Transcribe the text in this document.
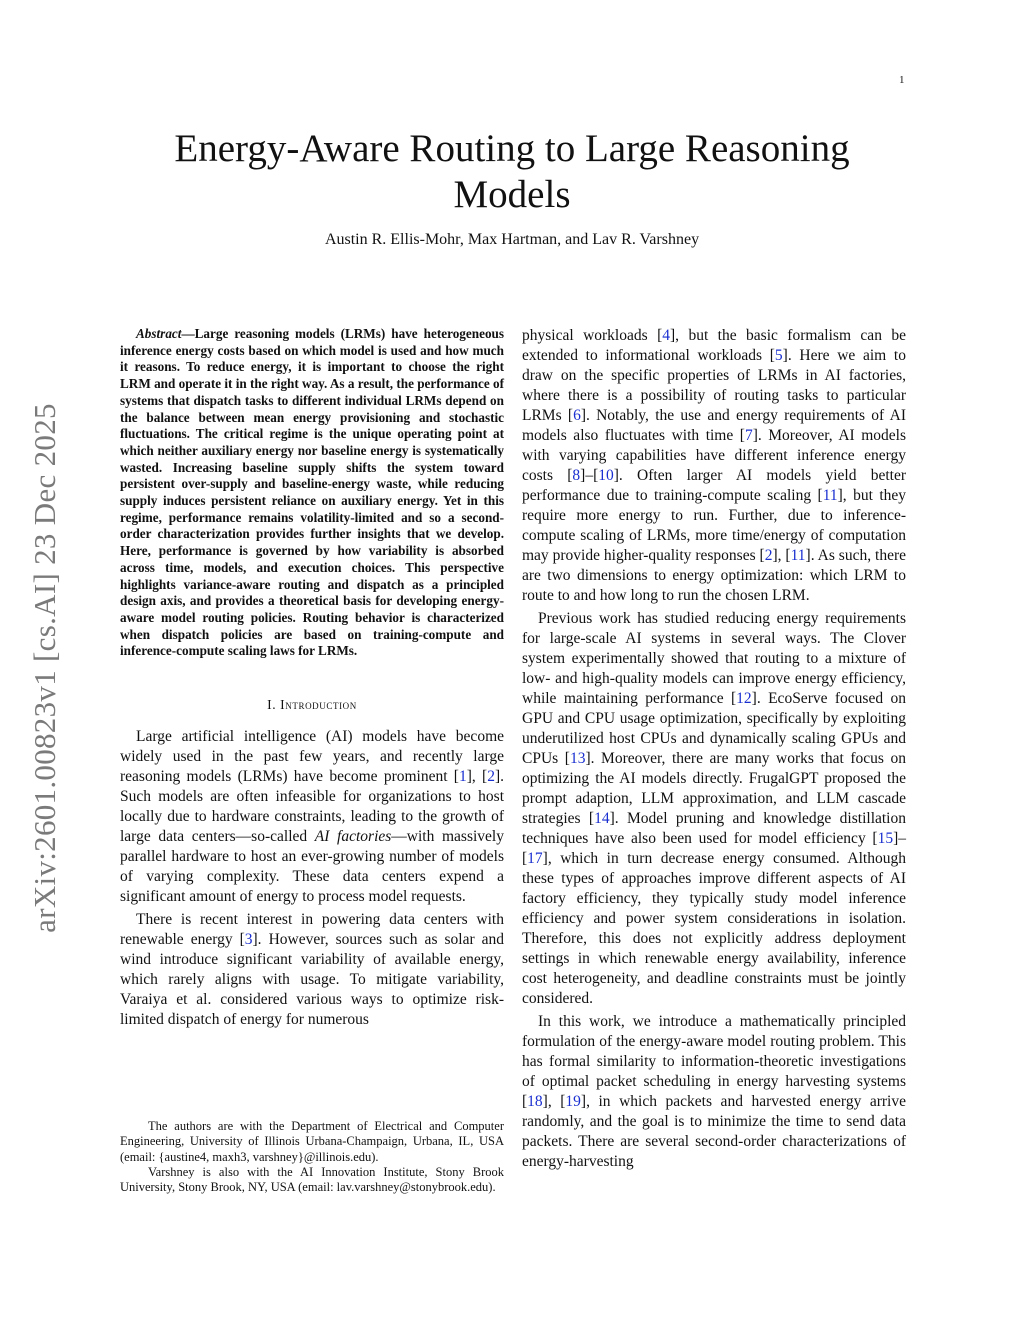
1
arXiv:2601.00823v1 [cs.AI] 23 Dec 2025
Energy-Aware Routing to Large Reasoning Models
Austin R. Ellis-Mohr, Max Hartman, and Lav R. Varshney
Abstract—Large reasoning models (LRMs) have heterogeneous inference energy costs based on which model is used and how much it reasons. To reduce energy, it is important to choose the right LRM and operate it in the right way. As a result, the performance of systems that dispatch tasks to different individual LRMs depend on the balance between mean energy provisioning and stochastic fluctuations. The critical regime is the unique operating point at which neither auxiliary energy nor baseline energy is systematically wasted. Increasing baseline supply shifts the system toward persistent over-supply and baseline-energy waste, while reducing supply induces persistent reliance on auxiliary energy. Yet in this regime, performance remains volatility-limited and so a second-order characterization provides further insights that we develop. Here, performance is governed by how variability is absorbed across time, models, and execution choices. This perspective highlights variance-aware routing and dispatch as a principled design axis, and provides a theoretical basis for developing energy-aware model routing policies. Routing behavior is characterized when dispatch policies are based on training-compute and inference-compute scaling laws for LRMs.
I. Introduction

Large artificial intelligence (AI) models have become widely used in the past few years, and recently large reasoning models (LRMs) have become prominent [1], [2]. Such models are often infeasible for organizations to host locally due to hardware constraints, leading to the growth of large data centers—so-called AI factories—with massively parallel hardware to host an ever-growing number of models of varying complexity. These data centers expend a significant amount of energy to process model requests.

There is recent interest in powering data centers with renewable energy [3]. However, sources such as solar and wind introduce significant variability of available energy, which rarely aligns with usage. To mitigate variability, Varaiya et al. considered various ways to optimize risk-limited dispatch of energy for numerous

physical workloads [4], but the basic formalism can be extended to informational workloads [5]. Here we aim to draw on the specific properties of LRMs in AI factories, where there is a possibility of routing tasks to particular LRMs [6]. Notably, the use and energy requirements of AI models also fluctuates with time [7]. Moreover, AI models with varying capabilities have different inference energy costs [8]–[10]. Often larger AI models yield better performance due to training-compute scaling [11], but they require more energy to run. Further, due to inference-compute scaling of LRMs, more time/energy of computation may provide higher-quality responses [2], [11]. As such, there are two dimensions to energy optimization: which LRM to route to and how long to run the chosen LRM.

Previous work has studied reducing energy requirements for large-scale AI systems in several ways. The Clover system experimentally showed that routing to a mixture of low- and high-quality models can improve energy efficiency, while maintaining performance [12]. EcoServe focused on GPU and CPU usage optimization, specifically by exploiting underutilized host CPUs and dynamically scaling GPUs and CPUs [13]. Moreover, there are many works that focus on optimizing the AI models directly. FrugalGPT proposed the prompt adaption, LLM approximation, and LLM cascade strategies [14]. Model pruning and knowledge distillation techniques have also been used for model efficiency [15]–[17], which in turn decrease energy consumed. Although these types of approaches improve different aspects of AI factory efficiency, they typically study model inference efficiency and power system considerations in isolation. Therefore, this does not explicitly address deployment settings in which renewable energy availability, inference cost heterogeneity, and deadline constraints must be jointly considered.

In this work, we introduce a mathematically principled formulation of the energy-aware model routing problem. This has formal similarity to information-theoretic investigations of optimal packet scheduling in energy harvesting systems [18], [19], in which packets and harvested energy arrive randomly, and the goal is to minimize the time to send data packets. There are several second-order characterizations of energy-harvesting

The authors are with the Department of Electrical and Computer Engineering, University of Illinois Urbana-Champaign, Urbana, IL, USA (email: {austine4, maxh3, varshney}@illinois.edu).

Varshney is also with the AI Innovation Institute, Stony Brook University, Stony Brook, NY, USA (email: lav.varshney@stonybrook.edu).
